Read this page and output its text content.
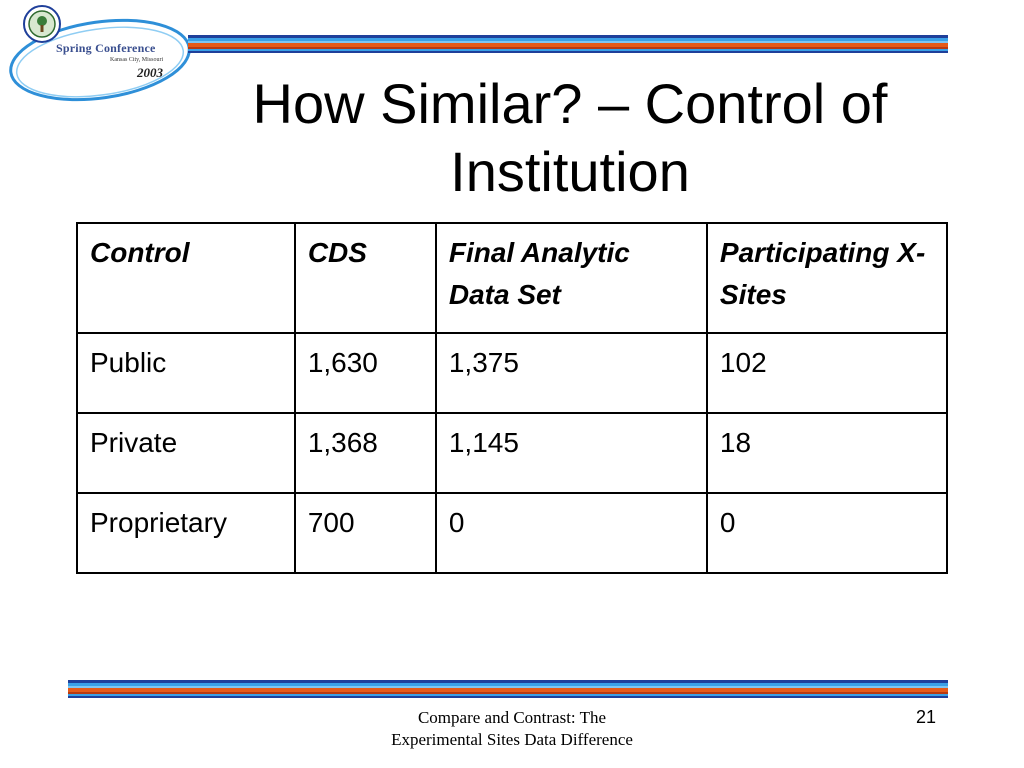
Spring Conference
Kansas City, Missouri
2003	How Similar? – Control of Institution
Control	CDS	Final Analytic Data Set	Participating X-Sites
Public	1,630	1,375	102
Private	1,368	1,145	18
Proprietary	700	0	0
Compare and Contrast: The
Experimental Sites Data Difference
21
